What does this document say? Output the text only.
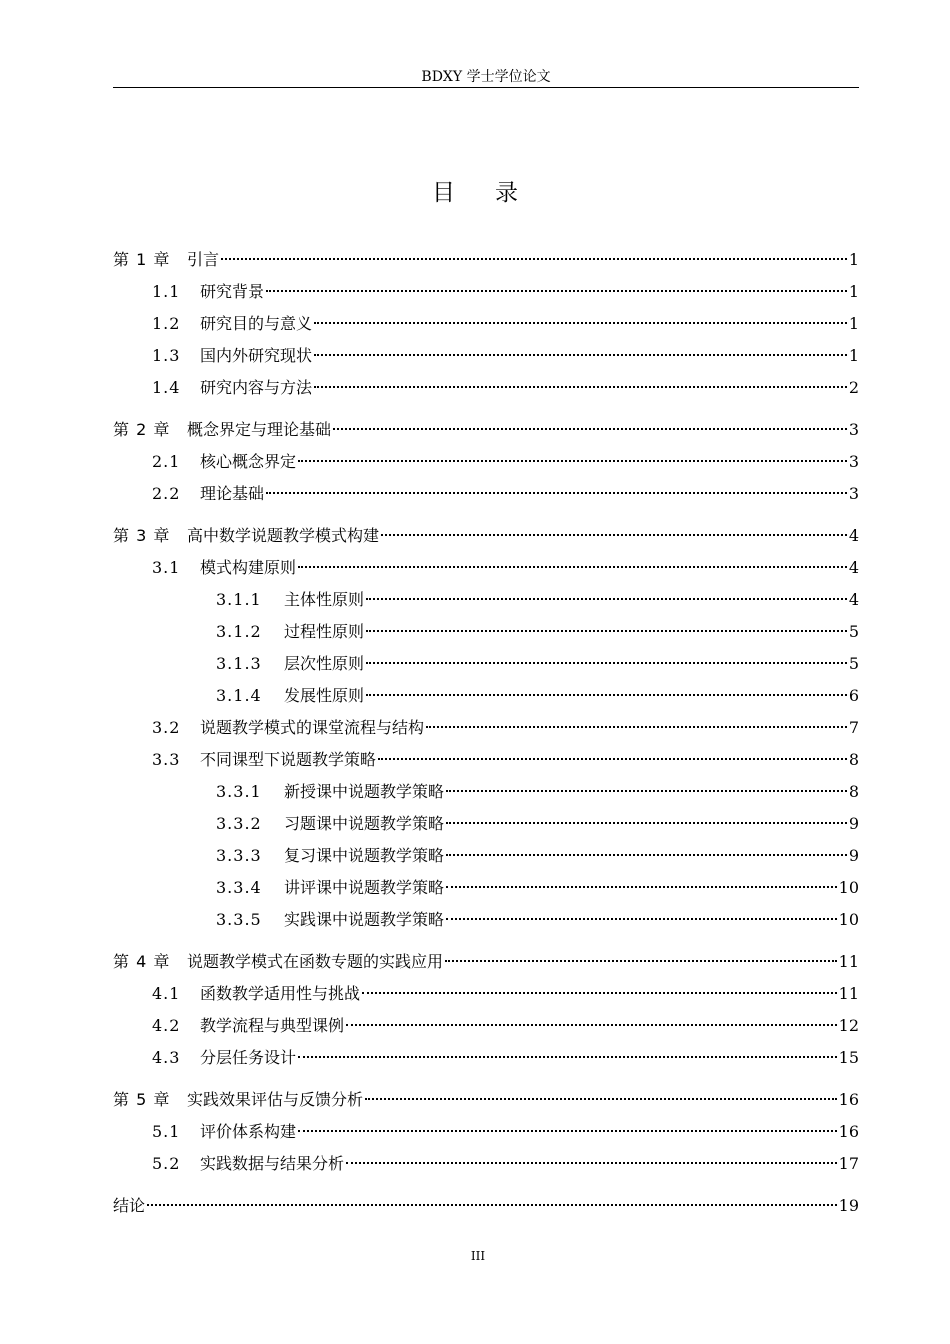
BDXY 学士学位论文
目录
第 1 章	引言	1
1.1	研究背景	1
1.2	研究目的与意义	1
1.3	国内外研究现状	1
1.4	研究内容与方法	2
第 2 章	概念界定与理论基础	3
2.1	核心概念界定	3
2.2	理论基础	3
第 3 章	高中数学说题教学模式构建	4
3.1	模式构建原则	4
3.1.1	主体性原则	4
3.1.2	过程性原则	5
3.1.3	层次性原则	5
3.1.4	发展性原则	6
3.2	说题教学模式的课堂流程与结构	7
3.3	不同课型下说题教学策略	8
3.3.1	新授课中说题教学策略	8
3.3.2	习题课中说题教学策略	9
3.3.3	复习课中说题教学策略	9
3.3.4	讲评课中说题教学策略	10
3.3.5	实践课中说题教学策略	10
第 4 章	说题教学模式在函数专题的实践应用	11
4.1	函数教学适用性与挑战	11
4.2	教学流程与典型课例	12
4.3	分层任务设计	15
第 5 章	实践效果评估与反馈分析	16
5.1	评价体系构建	16
5.2	实践数据与结果分析	17
结论	19
III
